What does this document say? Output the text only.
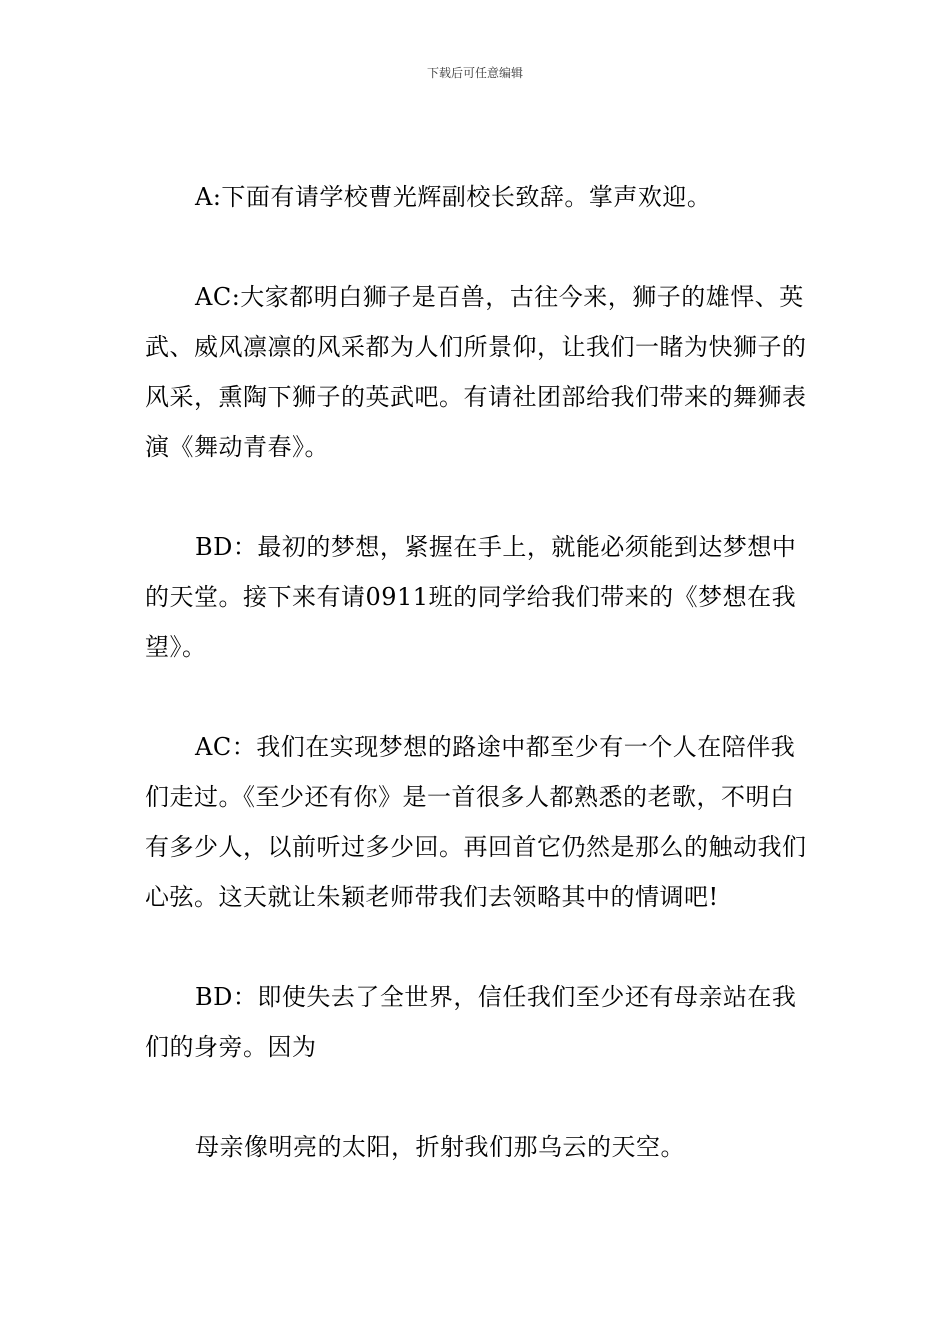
下载后可任意编辑

A:下面有请学校曹光辉副校长致辞。掌声欢迎。

AC:大家都明白狮子是百兽，古往今来，狮子的雄悍、英武、威风凛凛的风采都为人们所景仰，让我们一睹为快狮子的风采，熏陶下狮子的英武吧。有请社团部给我们带来的舞狮表演《舞动青春》。

BD：最初的梦想，紧握在手上，就能必须能到达梦想中的天堂。接下来有请0911班的同学给我们带来的《梦想在我望》。

AC：我们在实现梦想的路途中都至少有一个人在陪伴我们走过。《至少还有你》是一首很多人都熟悉的老歌，不明白有多少人，以前听过多少回。再回首它仍然是那么的触动我们心弦。这天就让朱颖老师带我们去领略其中的情调吧!

BD：即使失去了全世界，信任我们至少还有母亲站在我们的身旁。因为

母亲像明亮的太阳，折射我们那乌云的天空。
